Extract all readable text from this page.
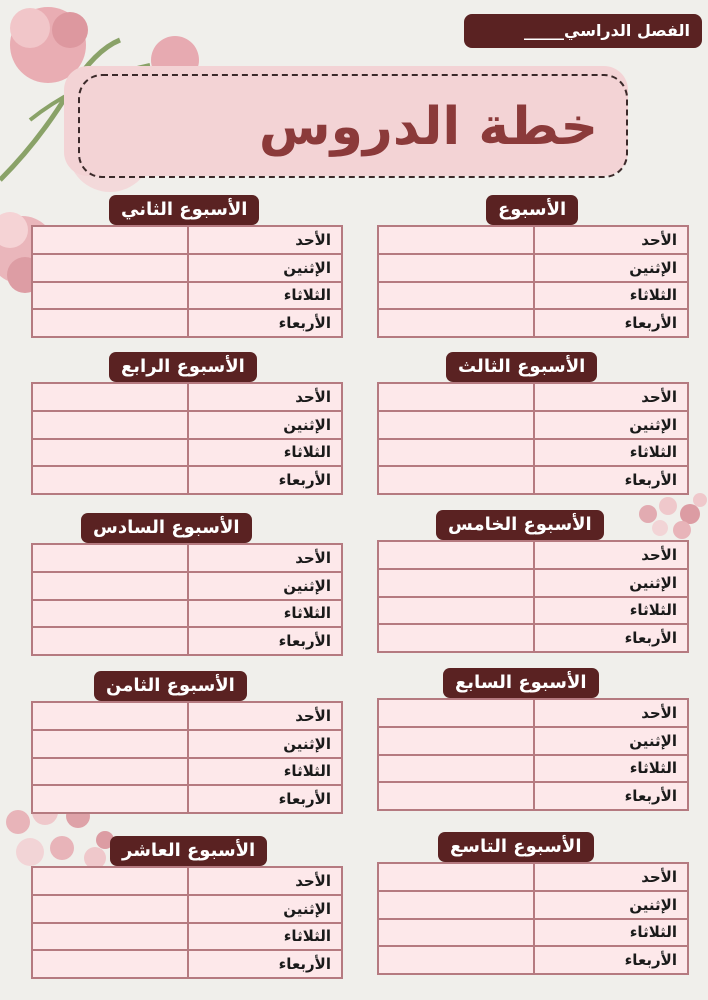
الفصل الدراسي_____
خطة الدروس
الأسبوع
الأحد
الإثنين
الثلاثاء
الأربعاء
الأسبوع الثاني
الأحد
الإثنين
الثلاثاء
الأربعاء
الأسبوع الثالث
الأحد
الإثنين
الثلاثاء
الأربعاء
الأسبوع الرابع
الأحد
الإثنين
الثلاثاء
الأربعاء
الأسبوع الخامس
الأحد
الإثنين
الثلاثاء
الأربعاء
الأسبوع السادس
الأحد
الإثنين
الثلاثاء
الأربعاء
الأسبوع السابع
الأحد
الإثنين
الثلاثاء
الأربعاء
الأسبوع الثامن
الأحد
الإثنين
الثلاثاء
الأربعاء
الأسبوع التاسع
الأحد
الإثنين
الثلاثاء
الأربعاء
الأسبوع العاشر
الأحد
الإثنين
الثلاثاء
الأربعاء
